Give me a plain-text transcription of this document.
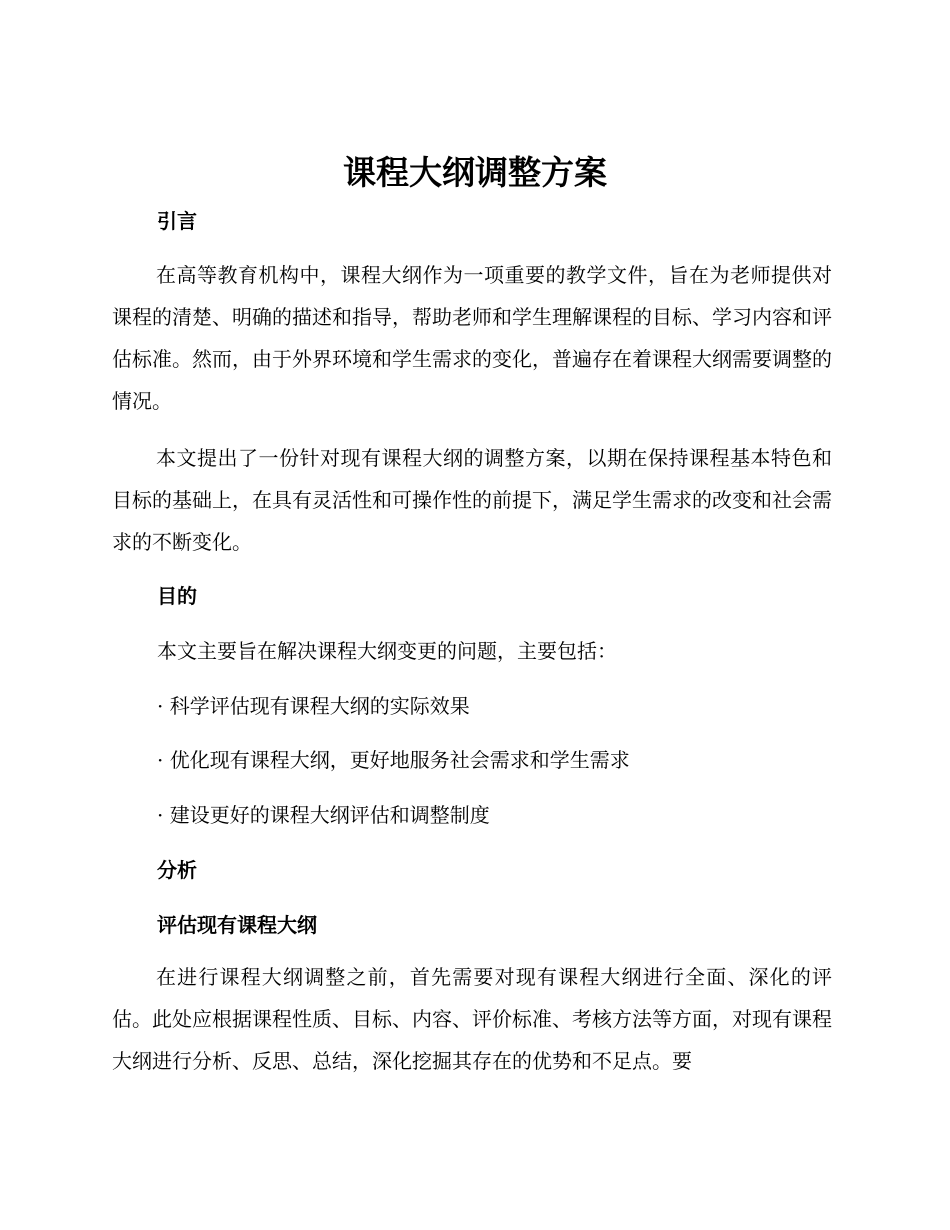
课程大纲调整方案
引言

在高等教育机构中，课程大纲作为一项重要的教学文件，旨在为老师提供对课程的清楚、明确的描述和指导，帮助老师和学生理解课程的目标、学习内容和评估标准。然而，由于外界环境和学生需求的变化，普遍存在着课程大纲需要调整的情况。

本文提出了一份针对现有课程大纲的调整方案，以期在保持课程基本特色和目标的基础上，在具有灵活性和可操作性的前提下，满足学生需求的改变和社会需求的不断变化。

目的
本文主要旨在解决课程大纲变更的问题，主要包括：
· 科学评估现有课程大纲的实际效果
· 优化现有课程大纲，更好地服务社会需求和学生需求
· 建设更好的课程大纲评估和调整制度
分析
评估现有课程大纲

在进行课程大纲调整之前，首先需要对现有课程大纲进行全面、深化的评估。此处应根据课程性质、目标、内容、评价标准、考核方法等方面，对现有课程大纲进行分析、反思、总结，深化挖掘其存在的优势和不足点。要
